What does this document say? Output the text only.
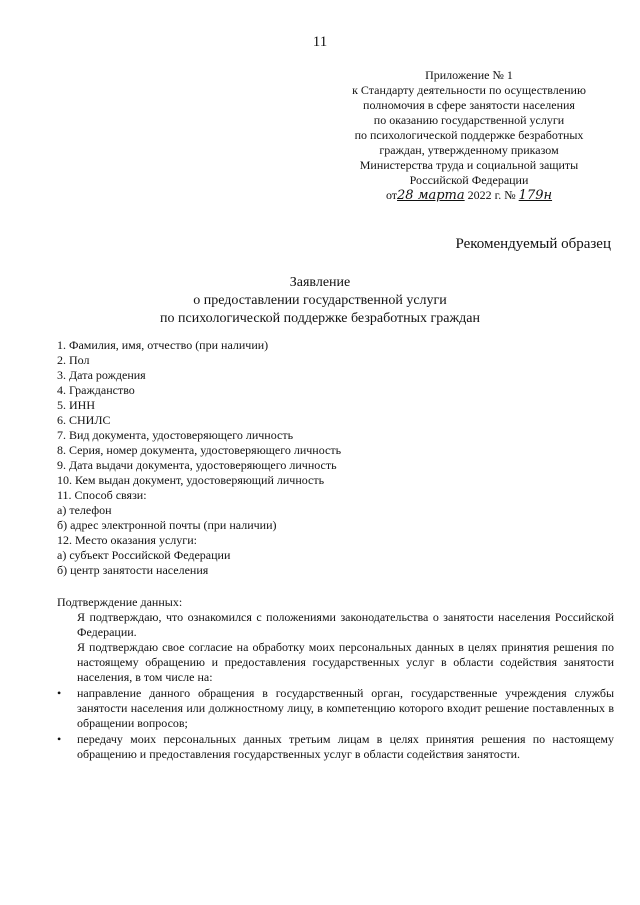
11
Приложение № 1
к Стандарту деятельности по осуществлению
полномочия в сфере занятости населения
по оказанию государственной услуги
по психологической поддержке безработных
граждан, утвержденному приказом
Министерства труда и социальной защиты
Российской Федерации
от28 марта 2022 г. № 179н
Рекомендуемый образец
Заявление
о предоставлении государственной услуги
по психологической поддержке безработных граждан
1. Фамилия, имя, отчество (при наличии)
2. Пол
3. Дата рождения
4. Гражданство
5. ИНН
6. СНИЛС
7. Вид документа, удостоверяющего личность
8. Серия, номер документа, удостоверяющего личность
9. Дата выдачи документа, удостоверяющего личность
10. Кем выдан документ, удостоверяющий личность
11. Способ связи:
а) телефон
б) адрес электронной почты (при наличии)
12. Место оказания услуги:
а) субъект Российской Федерации
б) центр занятости населения
Подтверждение данных:
Я подтверждаю, что ознакомился с положениями законодательства о занятости населения Российской Федерации.
Я подтверждаю свое согласие на обработку моих персональных данных в целях принятия решения по настоящему обращению и предоставления государственных услуг в области содействия занятости населения, в том числе на:
• направление данного обращения в государственный орган, государственные учреждения службы занятости населения или должностному лицу, в компетенцию которого входит решение поставленных в обращении вопросов;
• передачу моих персональных данных третьим лицам в целях принятия решения по настоящему обращению и предоставления государственных услуг в области содействия занятости.
